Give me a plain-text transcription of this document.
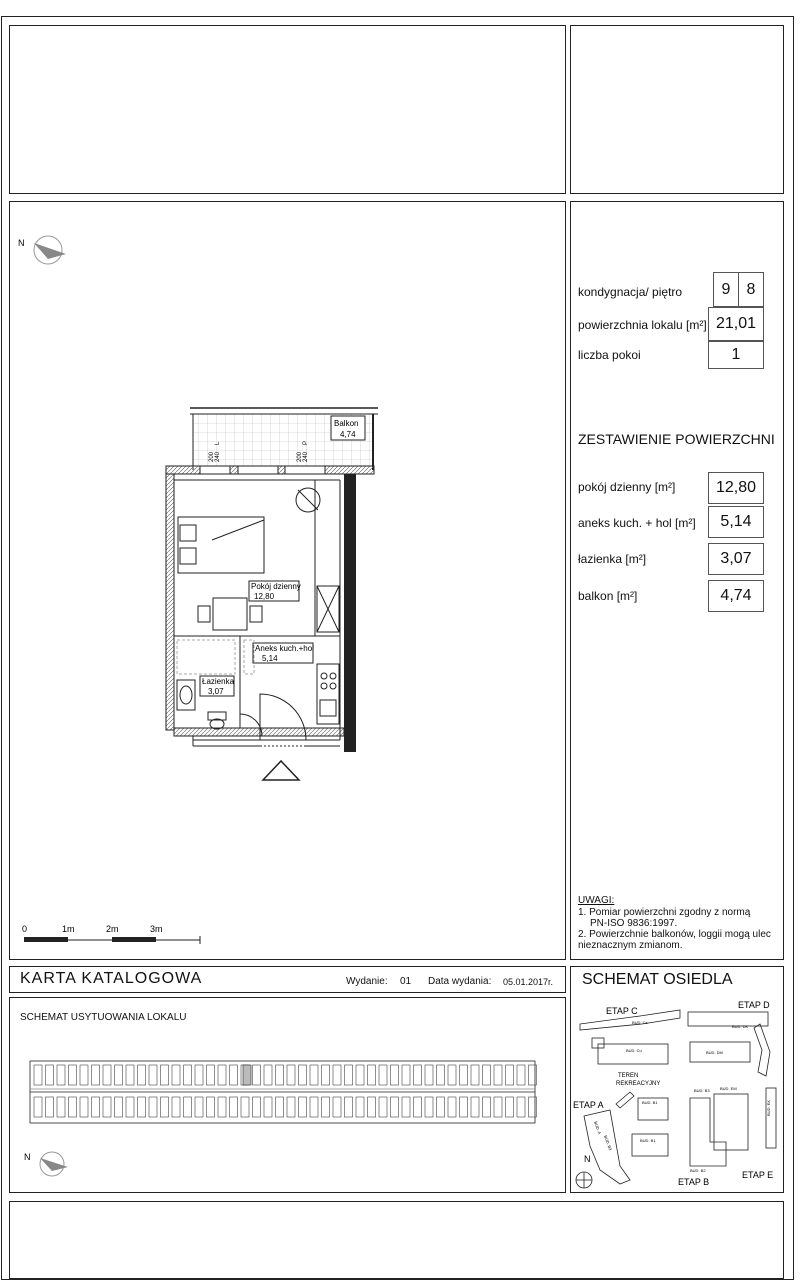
kondygnacja/ piętro	9	8
powierzchnia lokalu [m²] 21,01
liczba pokoi	1
ZESTAWIENIE POWIERZCHNI
pokój dzienny [m²]	12,80
aneks kuch. + hol [m²]	5,14
łazienka [m²]	3,07
balkon [m²]	4,74
UWAGI:
1. Pomiar powierzchni zgodny z normą
PN-ISO 9836:1997.
2. Powierzchnie balkonów, loggii mogą ulec
nieznacznym zmianom.
N
Balkon
4,74
200 240
L
200 240
P
Pokój dzienny
12,80
Aneks kuch.+hol
5,14
Łazienka
3,07
0	1m	2m	3m
KARTA KATALOGOWA	Wydanie: 01 Data wydania: 05.01.2017r.
SCHEMAT USYTUOWANIA LOKALU
N
SCHEMAT OSIEDLA
ETAP C
ETAP D
ETAP A
ETAP B
ETAP E
TEREN
REKREACYJNY
BUD. Cs
BUD. Cu
BUD. DK
BUD. DM
BUD. B3
BUD. B1
BUD. B1
BUD. B2
BUD. EM
BUD. EK
BUD. A
BUD. B3
N
